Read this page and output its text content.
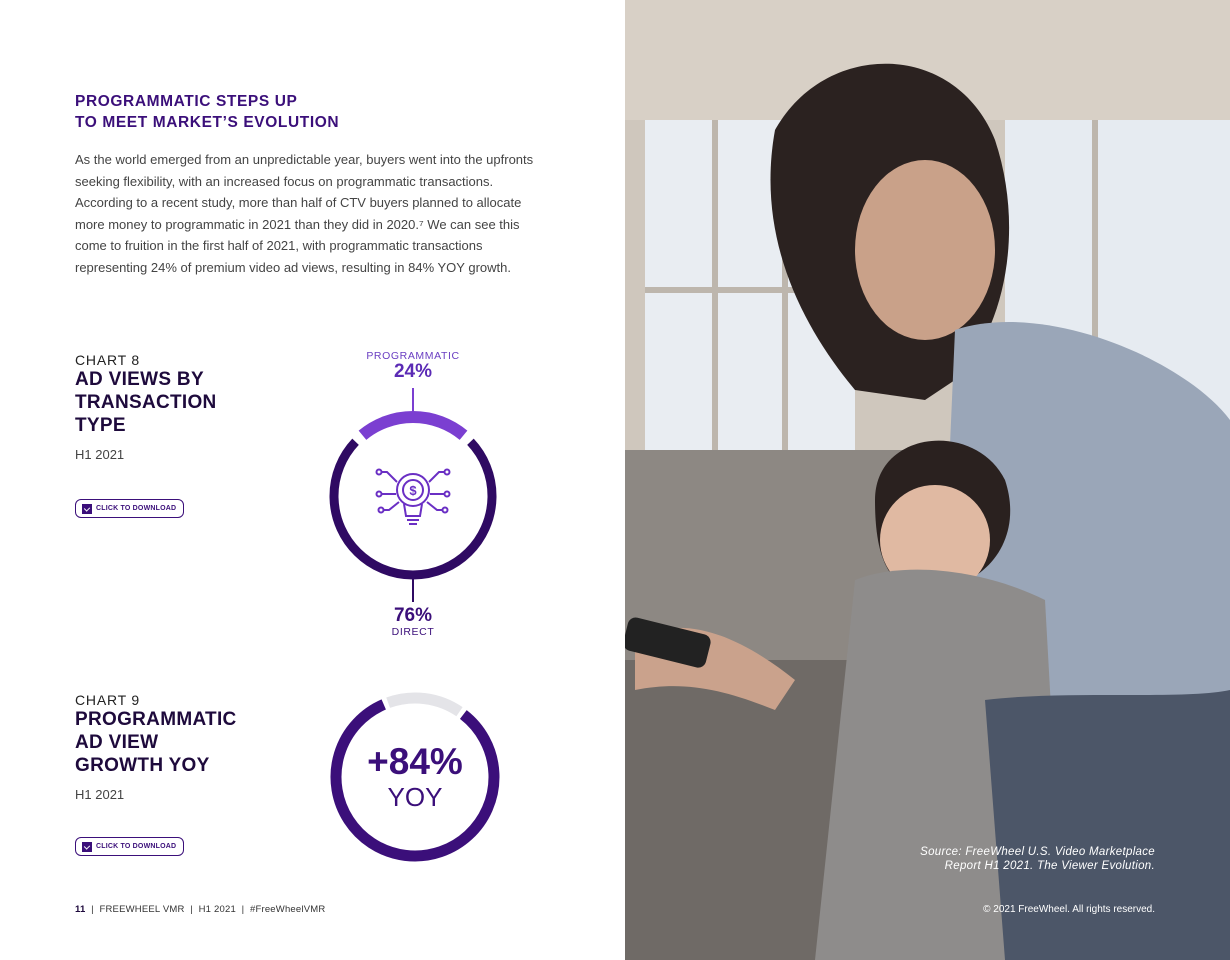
PROGRAMMATIC STEPS UP
TO MEET MARKET’S EVOLUTION

As the world emerged from an unpredictable year, buyers went into the upfronts seeking flexibility, with an increased focus on programmatic transactions. According to a recent study, more than half of CTV buyers planned to allocate more money to programmatic in 2021 than they did in 2020.⁷ We can see this come to fruition in the first half of 2021, with programmatic transactions representing 24% of premium video ad views, resulting in 84% YOY growth.

CHART 8

AD VIEWS BY
TRANSACTION
TYPE
H1 2021
CLICK TO DOWNLOAD
PROGRAMMATIC
24%
$
76%
DIRECT

CHART 9

PROGRAMMATIC
AD VIEW
GROWTH YOY
H1 2021
CLICK TO DOWNLOAD
+84%
YOY
11  |  FREEWHEEL VMR  |  H1 2021  |  #FreeWheelVMR
Source: FreeWheel U.S. Video Marketplace
Report H1 2021. The Viewer Evolution.
© 2021 FreeWheel. All rights reserved.
